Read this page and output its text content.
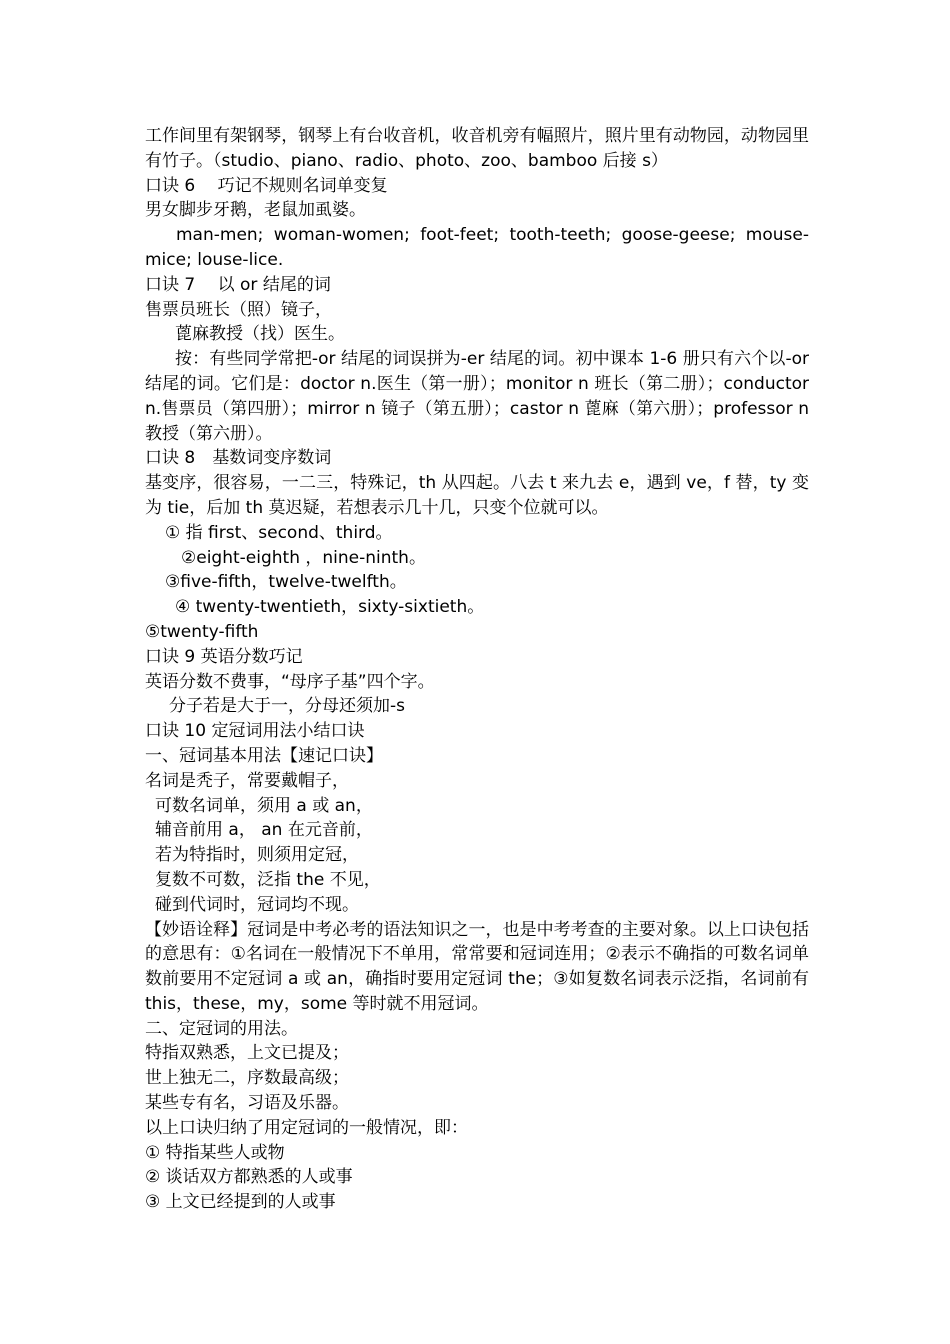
工作间里有架钢琴，钢琴上有台收音机，收音机旁有幅照片，照片里有动物园，动物园里有竹子。（studio、piano、radio、photo、zoo、bamboo 后接 s）
口诀 6　 巧记不规则名词单变复
男女脚步牙鹅，老鼠加虱婆。
man-men; woman-women; foot-feet; tooth-teeth; goose-geese; mouse-mice; louse-lice.
口诀 7　 以 or 结尾的词
售票员班长（照）镜子，
蓖麻教授（找）医生。
按：有些同学常把-or 结尾的词误拼为-er 结尾的词。初中课本 1-6 册只有六个以-or 结尾的词。它们是：doctor n.医生（第一册）；monitor n 班长（第二册）；conductor n.售票员（第四册）；mirror n 镜子（第五册）；castor n 蓖麻（第六册）；professor n 教授（第六册）。
口诀 8　基数词变序数词
基变序，很容易，一二三，特殊记，th 从四起。八去 t 来九去 e，遇到 ve，f 替，ty 变为 tie，后加 th 莫迟疑，若想表示几十几，只变个位就可以。
① 指 first、second、third。
②eight-eighth ，nine-ninth。
③five-fifth，twelve-twelfth。
④ twenty-twentieth，sixty-sixtieth。
⑤twenty-fifth
口诀 9 英语分数巧记
英语分数不费事，“母序子基”四个字。
分子若是大于一，分母还须加-s
口诀 10 定冠词用法小结口诀
一、冠词基本用法【速记口诀】
名词是秃子，常要戴帽子，
可数名词单，须用 a 或 an，
辅音前用 a， an 在元音前，
若为特指时，则须用定冠，
复数不可数，泛指 the 不见，
碰到代词时，冠词均不现。
【妙语诠释】冠词是中考必考的语法知识之一，也是中考考查的主要对象。以上口诀包括的意思有：①名词在一般情况下不单用，常常要和冠词连用；②表示不确指的可数名词单数前要用不定冠词 a 或 an，确指时要用定冠词 the；③如复数名词表示泛指，名词前有 this，these，my，some 等时就不用冠词。
二、定冠词的用法。
特指双熟悉，上文已提及；
世上独无二，序数最高级；
某些专有名，习语及乐器。
以上口诀归纳了用定冠词的一般情况，即：
① 特指某些人或物
② 谈话双方都熟悉的人或事
③ 上文已经提到的人或事
